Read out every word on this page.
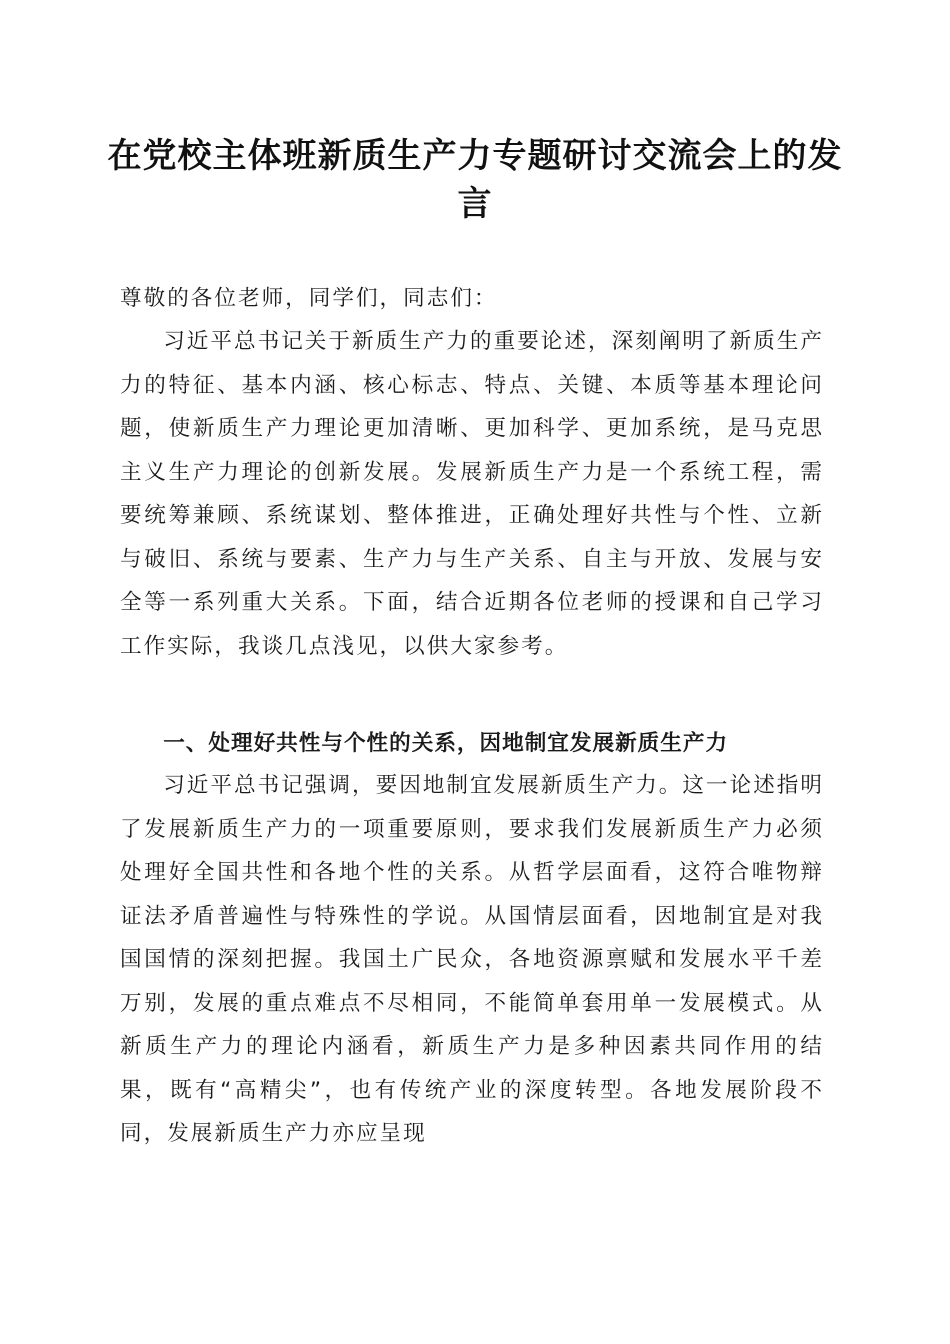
在党校主体班新质生产力专题研讨交流会上的发言

尊敬的各位老师，同学们，同志们：

习近平总书记关于新质生产力的重要论述，深刻阐明了新质生产力的特征、基本内涵、核心标志、特点、关键、本质等基本理论问题，使新质生产力理论更加清晰、更加科学、更加系统，是马克思主义生产力理论的创新发展。发展新质生产力是一个系统工程，需要统筹兼顾、系统谋划、整体推进，正确处理好共性与个性、立新与破旧、系统与要素、生产力与生产关系、自主与开放、发展与安全等一系列重大关系。下面，结合近期各位老师的授课和自己学习工作实际，我谈几点浅见，以供大家参考。

一、处理好共性与个性的关系，因地制宜发展新质生产力

习近平总书记强调，要因地制宜发展新质生产力。这一论述指明了发展新质生产力的一项重要原则，要求我们发展新质生产力必须处理好全国共性和各地个性的关系。从哲学层面看，这符合唯物辩证法矛盾普遍性与特殊性的学说。从国情层面看，因地制宜是对我国国情的深刻把握。我国土广民众，各地资源禀赋和发展水平千差万别，发展的重点难点不尽相同，不能简单套用单一发展模式。从新质生产力的理论内涵看，新质生产力是多种因素共同作用的结果，既有“高精尖”，也有传统产业的深度转型。各地发展阶段不同，发展新质生产力亦应呈现
